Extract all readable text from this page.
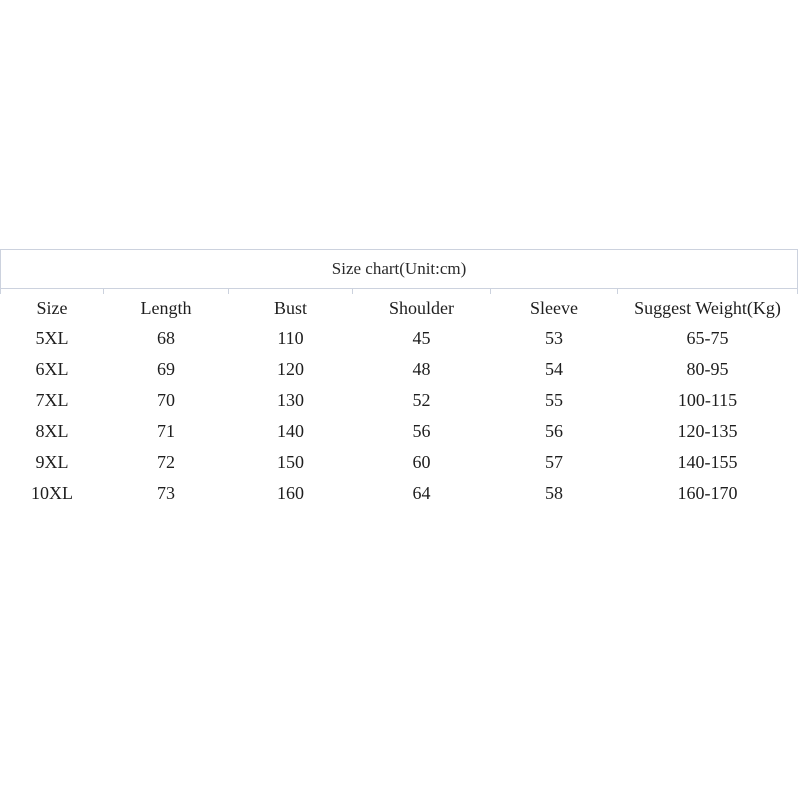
Size chart(Unit:cm)					

Size	Length	Bust	Shoulder	Sleeve	Suggest Weight(Kg)
5XL	68	110	45	53	65-75
6XL	69	120	48	54	80-95
7XL	70	130	52	55	100-115
8XL	71	140	56	56	120-135
9XL	72	150	60	57	140-155
10XL	73	160	64	58	160-170
